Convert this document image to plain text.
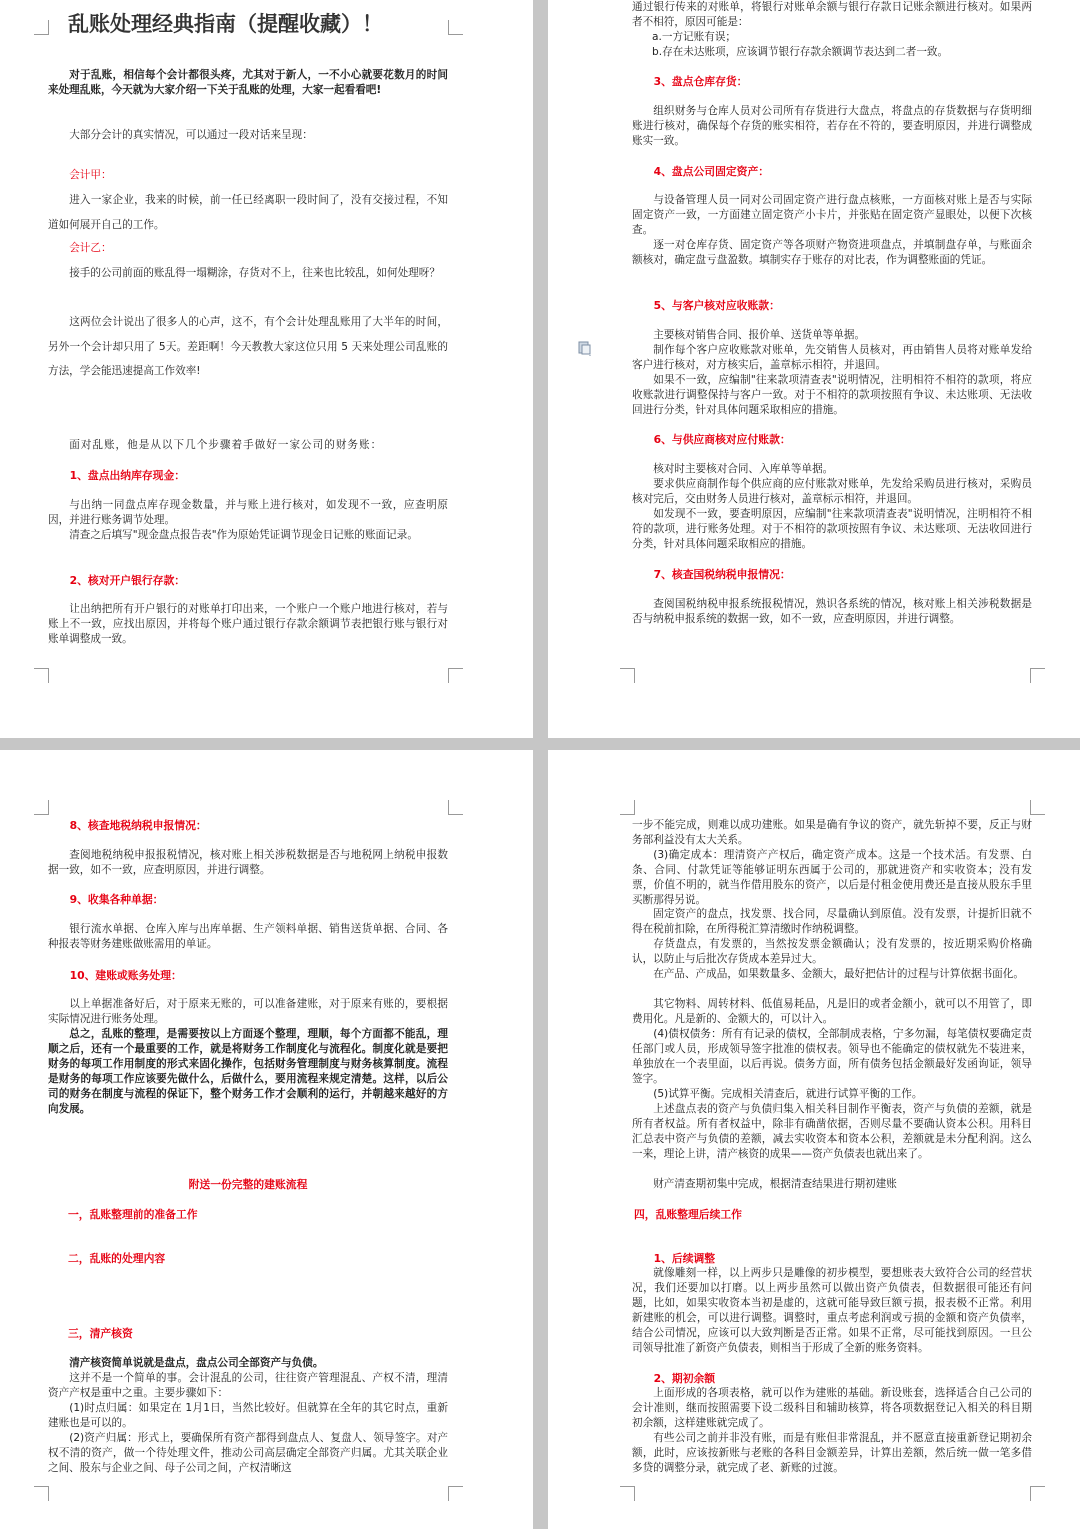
乱账处理经典指南（提醒收藏）！

对于乱账，相信每个会计都很头疼，尤其对于新人，一不小心就要花数月的时间来处理乱账，今天就为大家介绍一下关于乱账的处理，大家一起看看吧!

大部分会计的真实情况，可以通过一段对话来呈现：

会计甲：

进入一家企业，我来的时候，前一任已经离职一段时间了，没有交接过程，不知道如何展开自己的工作。

会计乙：

接手的公司前面的账乱得一塌糊涂，存货对不上，往来也比较乱，如何处理呀？

这两位会计说出了很多人的心声，这不，有个会计处理乱账用了大半年的时间，另外一个会计却只用了 5天。差距啊！今天教教大家这位只用 5 天来处理公司乱账的方法，学会能迅速提高工作效率!

面对乱账，他是从以下几个步骤着手做好一家公司的财务账：

1、盘点出纳库存现金：

与出纳一同盘点库存现金数量，并与账上进行核对，如发现不一致，应查明原因，并进行账务调节处理。

清查之后填写"现金盘点报告表"作为原始凭证调节现金日记账的账面记录。

2、核对开户银行存款：

让出纳把所有开户银行的对账单打印出来，一个账户一个账户地进行核对，若与账上不一致，应找出原因，并将每个账户通过银行存款余额调节表把银行账与银行对账单调整成一致。

通过银行传来的对账单，将银行对账单余额与银行存款日记账余额进行核对。如果两者不相符，原因可能是：

a.一方记账有误；

b.存在未达账项，应该调节银行存款余额调节表达到二者一致。

3、盘点仓库存货：

组织财务与仓库人员对公司所有存货进行大盘点，将盘点的存货数据与存货明细账进行核对，确保每个存货的账实相符，若存在不符的，要查明原因，并进行调整成账实一致。

4、盘点公司固定资产：

与设备管理人员一同对公司固定资产进行盘点核账，一方面核对账上是否与实际固定资产一致，一方面建立固定资产小卡片，并张贴在固定资产显眼处，以便下次核查。

逐一对仓库存货、固定资产等各项财产物资进项盘点，并填制盘存单，与账面余额核对，确定盘亏盘盈数。填制实存于账存的对比表，作为调整账面的凭证。

5、与客户核对应收账款：

主要核对销售合同、报价单、送货单等单据。

制作每个客户应收账款对账单，先交销售人员核对，再由销售人员将对账单发给客户进行核对，对方核实后，盖章标示相符，并退回。

如果不一致，应编制"往来款项清查表"说明情况，注明相符不相符的款项，将应收账款进行调整保持与客户一致。对于不相符的款项按照有争议、未达账项、无法收回进行分类，针对具体问题采取相应的措施。

6、与供应商核对应付账款：

核对时主要核对合同、入库单等单据。

要求供应商制作每个供应商的应付账款对账单，先发给采购员进行核对，采购员核对完后，交由财务人员进行核对，盖章标示相符，并退回。

如发现不一致，要查明原因，应编制"往来款项清查表"说明情况，注明相符不相符的款项，进行账务处理。对于不相符的款项按照有争议、未达账项、无法收回进行分类，针对具体问题采取相应的措施。

7、核查国税纳税申报情况：

查阅国税纳税申报系统报税情况，熟识各系统的情况，核对账上相关涉税数据是否与纳税申报系统的数据一致，如不一致，应查明原因，并进行调整。

8、核查地税纳税申报情况：

查阅地税纳税申报报税情况，核对账上相关涉税数据是否与地税网上纳税申报数据一致，如不一致，应查明原因，并进行调整。

9、收集各种单据：

银行流水单据、仓库入库与出库单据、生产领料单据、销售送货单据、合同、各种报表等财务建账做账需用的单证。

10、建账或账务处理：

以上单据准备好后，对于原来无账的，可以准备建账，对于原来有账的，要根据实际情况进行账务处理。

总之，乱账的整理，是需要按以上方面逐个整理，理顺，每个方面都不能乱，理顺之后，还有一个最重要的工作，就是将财务工作制度化与流程化。制度化就是要把财务的每项工作用制度的形式来固化操作，包括财务管理制度与财务核算制度。流程是财务的每项工作应该要先做什么，后做什么，要用流程来规定清楚。这样，以后公司的财务在制度与流程的保证下，整个财务工作才会顺利的运行，并朝越来越好的方向发展。

附送一份完整的建账流程

一，乱账整理前的准备工作

二，乱账的处理内容

三，清产核资

清产核资简单说就是盘点，盘点公司全部资产与负债。

这并不是一个简单的事。会计混乱的公司，往往资产管理混乱、产权不清，理清资产产权是重中之重。主要步骤如下：

(1)时点归属：如果定在 1月1日，当然比较好。但就算在全年的其它时点，重新建账也是可以的。

(2)资产归属：形式上，要确保所有资产都得到盘点人、复盘人、领导签字。对产权不清的资产，做一个待处理文件，推动公司高层确定全部资产归属。尤其关联企业之间、股东与企业之间、母子公司之间，产权清晰这

一步不能完成，则难以成功建账。如果是确有争议的资产，就先斩掉不要，反正与财务部利益没有太大关系。

(3)确定成本：理清资产产权后，确定资产成本。这是一个技术活。有发票、白条、合同、付款凭证等能够证明东西属于公司的，那就进资产和实收资本；没有发票，价值不明的，就当作借用股东的资产，以后是付租金使用费还是直接从股东手里买断那得另说。

固定资产的盘点，找发票、找合同，尽量确认到原值。没有发票，计提折旧就不得在税前扣除，在所得税汇算清缴时作纳税调整。

存货盘点，有发票的，当然按发票金额确认；没有发票的，按近期采购价格确认，以防止与后批次存货成本差异过大。

在产品、产成品，如果数量多、金额大，最好把估计的过程与计算依据书面化。

其它物料、周转材料、低值易耗品，凡是旧的或者金额小，就可以不用管了，即费用化。凡是新的、金额大的，可以计入。

(4)债权债务：所有有记录的债权，全部制成表格，宁多勿漏，每笔债权要确定责任部门或人员，形成领导签字批准的债权表。领导也不能确定的债权就先不装进来，单独放在一个表里面，以后再说。债务方面，所有债务包括金额最好发函询证，领导签字。

(5)试算平衡。完成相关清查后，就进行试算平衡的工作。

上述盘点表的资产与负债归集入相关科目制作平衡表，资产与负债的差额，就是所有者权益。所有者权益中，除非有确凿依据，否则尽量不要确认资本公积。用科目汇总表中资产与负债的差额，减去实收资本和资本公积，差额就是未分配利润。这么一来，理论上讲，清产核资的成果——资产负债表也就出来了。

财产清查期初集中完成，根据清查结果进行期初建账

四，乱账整理后续工作

1、后续调整

就像雕刻一样，以上两步只是雕像的初步模型，要想账表大致符合公司的经营状况，我们还要加以打磨。以上两步虽然可以做出资产负债表，但数据很可能还有问题，比如，如果实收资本当初是虚的，这就可能导致巨额亏损，报表极不正常。利用新建账的机会，可以进行调整。调整时，重点考虑利润或亏损的金额和资产负债率，结合公司情况，应该可以大致判断是否正常。如果不正常，尽可能找到原因。一旦公司领导批准了新资产负债表，则相当于形成了全新的账务资料。

2、期初余额

上面形成的各项表格，就可以作为建账的基础。新设账套，选择适合自己公司的会计准则，继而按照需要下设二级科目和辅助核算，将各项数据登记入相关的科目期初余额，这样建账就完成了。

有些公司之前并非没有账，而是有账但非常混乱，并不愿意直接重新登记期初余额，此时，应该按新账与老账的各科目金额差异，计算出差额，然后统一做一笔多借多贷的调整分录，就完成了老、新账的过渡。
